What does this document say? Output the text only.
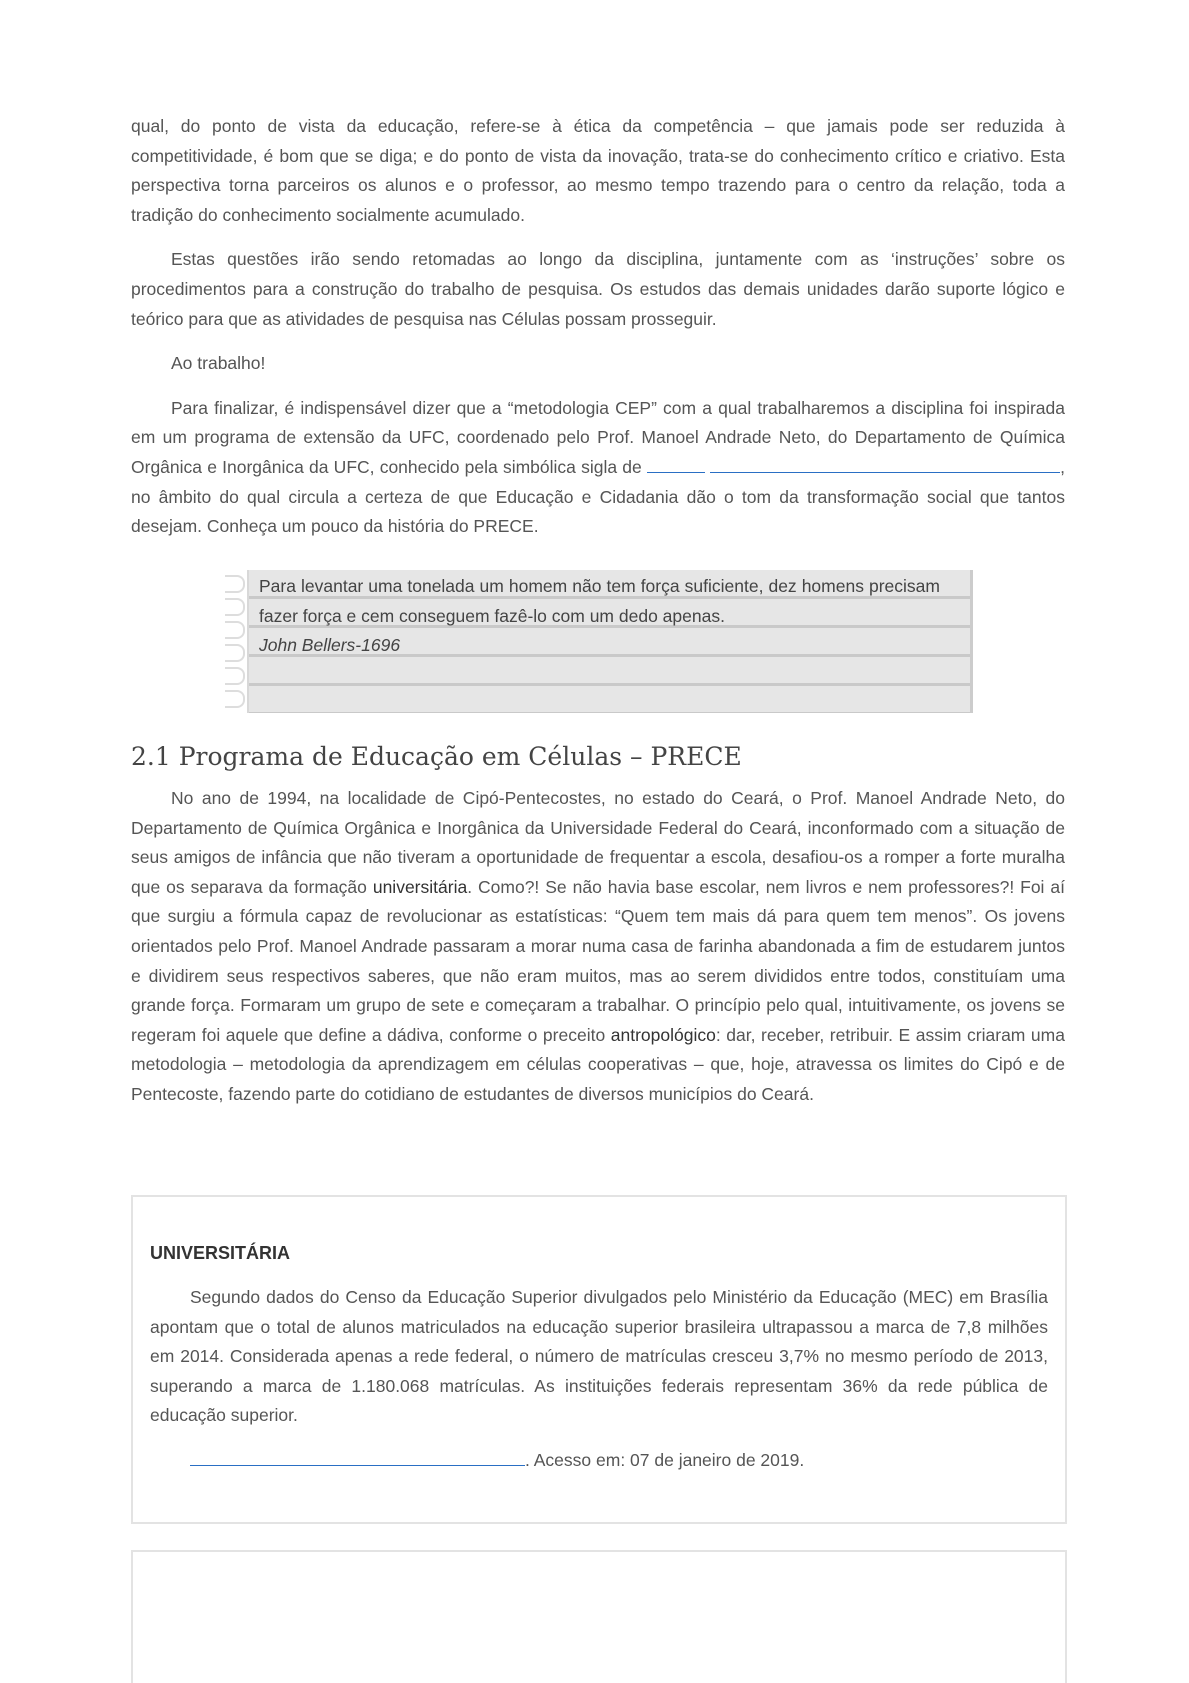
qual, do ponto de vista da educação, refere-se à ética da competência – que jamais pode ser reduzida à competitividade, é bom que se diga; e do ponto de vista da inovação, trata-se do conhecimento crítico e criativo. Esta perspectiva torna parceiros os alunos e o professor, ao mesmo tempo trazendo para o centro da relação, toda a tradição do conhecimento socialmente acumulado.

Estas questões irão sendo retomadas ao longo da disciplina, juntamente com as ‘instruções’ sobre os procedimentos para a construção do trabalho de pesquisa. Os estudos das demais unidades darão suporte lógico e teórico para que as atividades de pesquisa nas Células possam prosseguir.

Ao trabalho!

Para finalizar, é indispensável dizer que a “metodologia CEP” com a qual trabalharemos a disciplina foi inspirada em um programa de extensão da UFC, coordenado pelo Prof. Manoel Andrade Neto, do Departamento de Química Orgânica e Inorgânica da UFC, conhecido pela simbólica sigla de	, no âmbito do qual circula a certeza de que Educação e Cidadania dão o tom da transformação social que tantos desejam. Conheça um pouco da história do PRECE.

Para levantar uma tonelada um homem não tem força suficiente, dez homens precisam fazer força e cem conseguem fazê-lo com um dedo apenas.
John Bellers-1696
2.1 Programa de Educação em Células – PRECE

No ano de 1994, na localidade de Cipó-Pentecostes, no estado do Ceará, o Prof. Manoel Andrade Neto, do Departamento de Química Orgânica e Inorgânica da Universidade Federal do Ceará, inconformado com a situação de seus amigos de infância que não tiveram a oportunidade de frequentar a escola, desafiou-os a romper a forte muralha que os separava da formação universitária. Como?! Se não havia base escolar, nem livros e nem professores?! Foi aí que surgiu a fórmula capaz de revolucionar as estatísticas: “Quem tem mais dá para quem tem menos”. Os jovens orientados pelo Prof. Manoel Andrade passaram a morar numa casa de farinha abandonada a fim de estudarem juntos e dividirem seus respectivos saberes, que não eram muitos, mas ao serem divididos entre todos, constituíam uma grande força. Formaram um grupo de sete e começaram a trabalhar. O princípio pelo qual, intuitivamente, os jovens se regeram foi aquele que define a dádiva, conforme o preceito antropológico: dar, receber, retribuir. E assim criaram uma metodologia – metodologia da aprendizagem em células cooperativas – que, hoje, atravessa os limites do Cipó e de Pentecoste, fazendo parte do cotidiano de estudantes de diversos municípios do Ceará.

UNIVERSITÁRIA

Segundo dados do Censo da Educação Superior divulgados pelo Ministério da Educação (MEC) em Brasília apontam que o total de alunos matriculados na educação superior brasileira ultrapassou a marca de 7,8 milhões em 2014. Considerada apenas a rede federal, o número de matrículas cresceu 3,7% no mesmo período de 2013, superando a marca de 1.180.068 matrículas. As instituições federais representam 36% da rede pública de educação superior.

. Acesso em: 07 de janeiro de 2019.
